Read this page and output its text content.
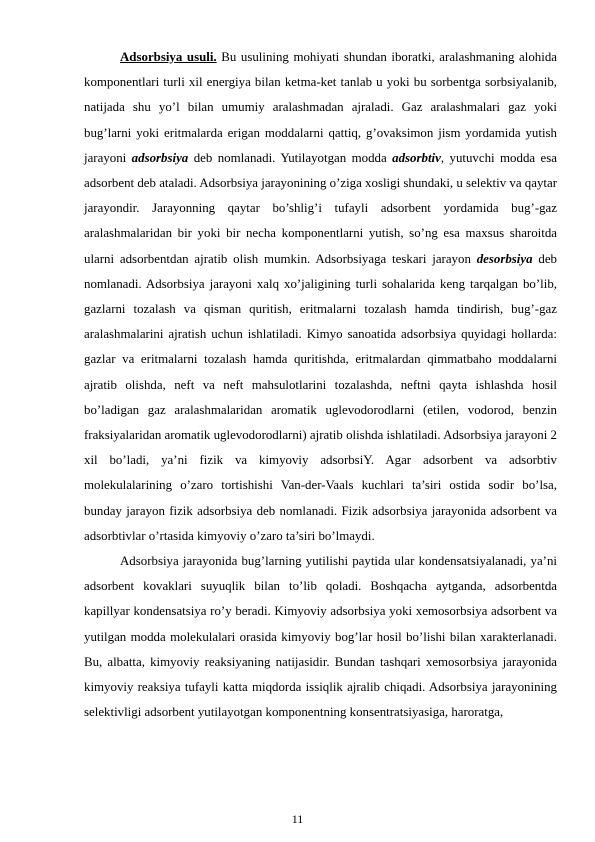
Adsorbsiya usuli. Bu usulining mohiyati shundan iboratki, aralashmaning alohida komponentlari turli xil energiya bilan ketma-ket tanlab u yoki bu sorbentga sorbsiyalanib, natijada shu yo’l bilan umumiy aralashmadan ajraladi. Gaz aralashmalari gaz yoki bug’larni yoki eritmalarda erigan moddalarni qattiq, g’ovaksimon jism yordamida yutish jarayoni adsorbsiya deb nomlanadi. Yutilayotgan modda adsorbtiv, yutuvchi modda esa adsorbent deb ataladi. Adsorbsiya jarayonining o’ziga xosligi shundaki, u selektiv va qaytar jarayondir. Jarayonning qaytar bo’shlig’i tufayli adsorbent yordamida bug’-gaz aralashmalaridan bir yoki bir necha komponentlarni yutish, so’ng esa maxsus sharoitda ularni adsorbentdan ajratib olish mumkin. Adsorbsiyaga teskari jarayon desorbsiya deb nomlanadi. Adsorbsiya jarayoni xalq xo’jaligining turli sohalarida keng tarqalgan bo’lib, gazlarni tozalash va qisman quritish, eritmalarni tozalash hamda tindirish, bug’-gaz aralashmalarini ajratish uchun ishlatiladi. Kimyo sanoatida adsorbsiya quyidagi hollarda: gazlar va eritmalarni tozalash hamda quritishda, eritmalardan qimmatbaho moddalarni ajratib olishda, neft va neft mahsulotlarini tozalashda, neftni qayta ishlashda hosil bo’ladigan gaz aralashmalaridan aromatik uglevodorodlarni (etilen, vodorod, benzin fraksiyalaridan aromatik uglevodorodlarni) ajratib olishda ishlatiladi. Adsorbsiya jarayoni 2 xil bo’ladi, ya’ni fizik va kimyoviy adsorbsiY. Agar adsorbent va adsorbtiv molekulalarining o’zaro tortishishi Van-der-Vaals kuchlari ta’siri ostida sodir bo’lsa, bunday jarayon fizik adsorbsiya deb nomlanadi. Fizik adsorbsiya jarayonida adsorbent va adsorbtivlar o’rtasida kimyoviy o’zaro ta’siri bo’lmaydi.

Adsorbsiya jarayonida bug’larning yutilishi paytida ular kondensatsiyalanadi, ya’ni adsorbent kovaklari suyuqlik bilan to’lib qoladi. Boshqacha aytganda, adsorbentda kapillyar kondensatsiya ro’y beradi. Kimyoviy adsorbsiya yoki xemosorbsiya adsorbent va yutilgan modda molekulalari orasida kimyoviy bog’lar hosil bo’lishi bilan xarakterlanadi. Bu, albatta, kimyoviy reaksiyaning natijasidir. Bundan tashqari xemosorbsiya jarayonida kimyoviy reaksiya tufayli katta miqdorda issiqlik ajralib chiqadi. Adsorbsiya jarayonining selektivligi adsorbent yutilayotgan komponentning konsentratsiyasiga, haroratga,

11
